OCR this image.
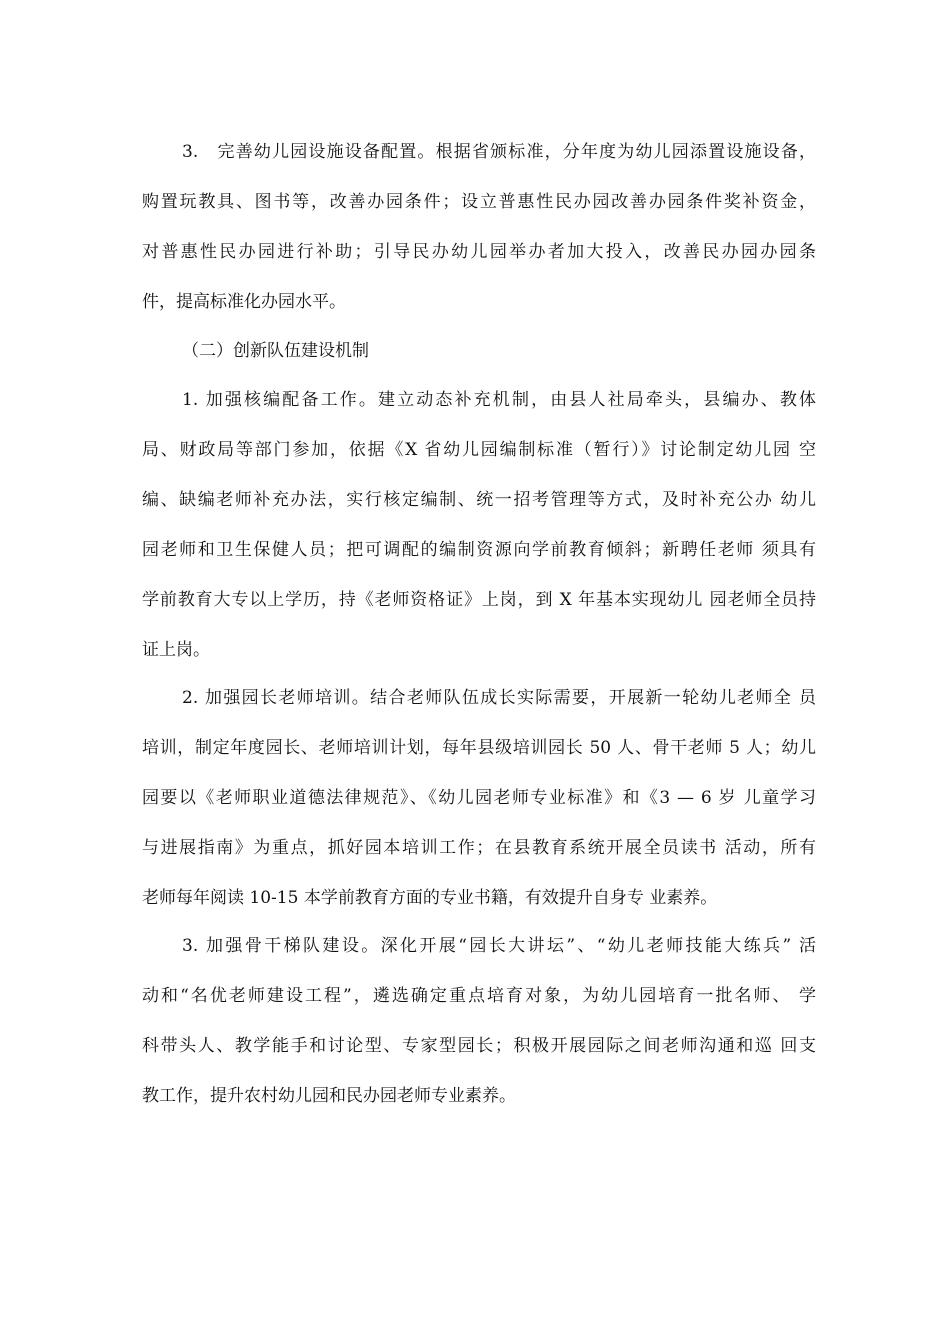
3.　完善幼儿园设施设备配置。根据省颁标准，分年度为幼儿园添置设施设备，
购置玩教具、图书等，改善办园条件；设立普惠性民办园改善办园条件奖补资金，
对普惠性民办园进行补助；引导民办幼儿园举办者加大投入，改善民办园办园条
件，提高标准化办园水平。
（二）创新队伍建设机制
1. 加强核编配备工作。建立动态补充机制，由县人社局牵头，县编办、教体
局、财政局等部门参加，依据《X 省幼儿园编制标准（暂行）》讨论制定幼儿园 空
编、缺编老师补充办法，实行核定编制、统一招考管理等方式，及时补充公办 幼儿
园老师和卫生保健人员；把可调配的编制资源向学前教育倾斜；新聘任老师 须具有
学前教育大专以上学历，持《老师资格证》上岗，到 X 年基本实现幼儿 园老师全员持
证上岗。
2. 加强园长老师培训。结合老师队伍成长实际需要，开展新一轮幼儿老师全 员
培训，制定年度园长、老师培训计划，每年县级培训园长 50 人、骨干老师 5 人；幼儿
园要以《老师职业道德法律规范》、《幼儿园老师专业标准》和《3 — 6 岁 儿童学习
与进展指南》为重点，抓好园本培训工作；在县教育系统开展全员读书 活动，所有
老师每年阅读 10-15 本学前教育方面的专业书籍，有效提升自身专 业素养。
3. 加强骨干梯队建设。深化开展“园长大讲坛”、“幼儿老师技能大练兵” 活
动和“名优老师建设工程”，遴选确定重点培育对象，为幼儿园培育一批名师、 学
科带头人、教学能手和讨论型、专家型园长；积极开展园际之间老师沟通和巡 回支
教工作，提升农村幼儿园和民办园老师专业素养。
